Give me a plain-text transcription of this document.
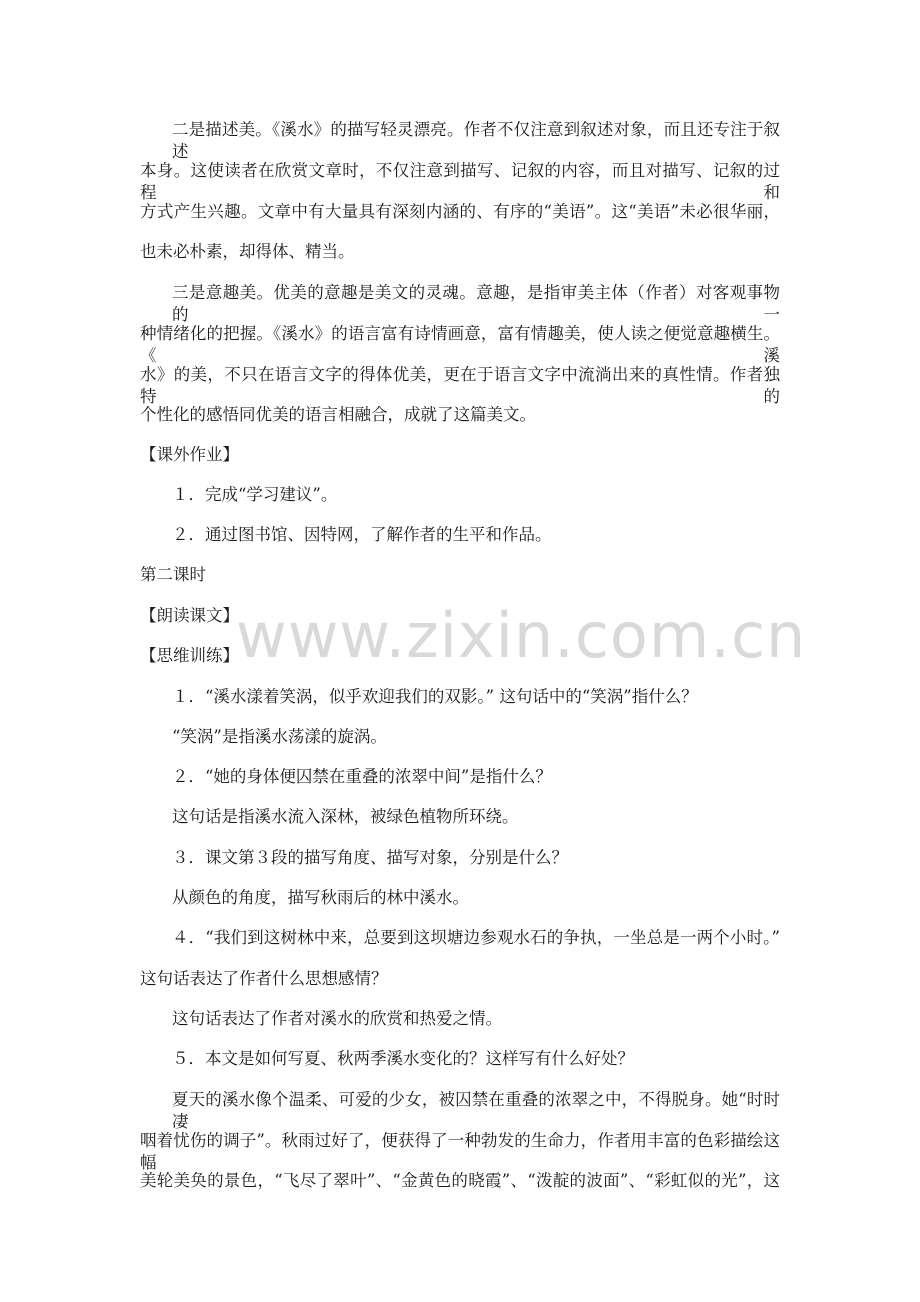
二是描述美。《溪水》的描写轻灵漂亮。作者不仅注意到叙述对象，而且还专注于叙述
本身。这使读者在欣赏文章时，不仅注意到描写、记叙的内容，而且对描写、记叙的过程和
方式产生兴趣。文章中有大量具有深刻内涵的、有序的“美语”。这“美语”未必很华丽，
也未必朴素，却得体、精当。
三是意趣美。优美的意趣是美文的灵魂。意趣，是指审美主体（作者）对客观事物的一
种情绪化的把握。《溪水》的语言富有诗情画意，富有情趣美，使人读之便觉意趣横生。《溪
水》的美，不只在语言文字的得体优美，更在于语言文字中流淌出来的真性情。作者独特的
个性化的感悟同优美的语言相融合，成就了这篇美文。
【课外作业】
１．完成“学习建议”。
２．通过图书馆、因特网，了解作者的生平和作品。
第二课时
【朗读课文】
【思维训练】
１．“溪水漾着笑涡，似乎欢迎我们的双影。” 这句话中的“笑涡”指什么？
“笑涡”是指溪水荡漾的旋涡。
２．“她的身体便囚禁在重叠的浓翠中间”是指什么？
这句话是指溪水流入深林，被绿色植物所环绕。
３．课文第３段的描写角度、描写对象，分别是什么？
从颜色的角度，描写秋雨后的林中溪水。
４．“我们到这树林中来，总要到这坝塘边参观水石的争执，一坐总是一两个小时。”
这句话表达了作者什么思想感情？
这句话表达了作者对溪水的欣赏和热爱之情。
５．本文是如何写夏、秋两季溪水变化的？这样写有什么好处？
夏天的溪水像个温柔、可爱的少女，被囚禁在重叠的浓翠之中，不得脱身。她“时时凄
咽着忧伤的调子”。秋雨过好了，便获得了一种勃发的生命力，作者用丰富的色彩描绘这幅
美轮美奂的景色，“飞尽了翠叶”、“金黄色的晓霞”、“泼靛的波面”、“彩虹似的光”，这
www.zixin.com.cn
